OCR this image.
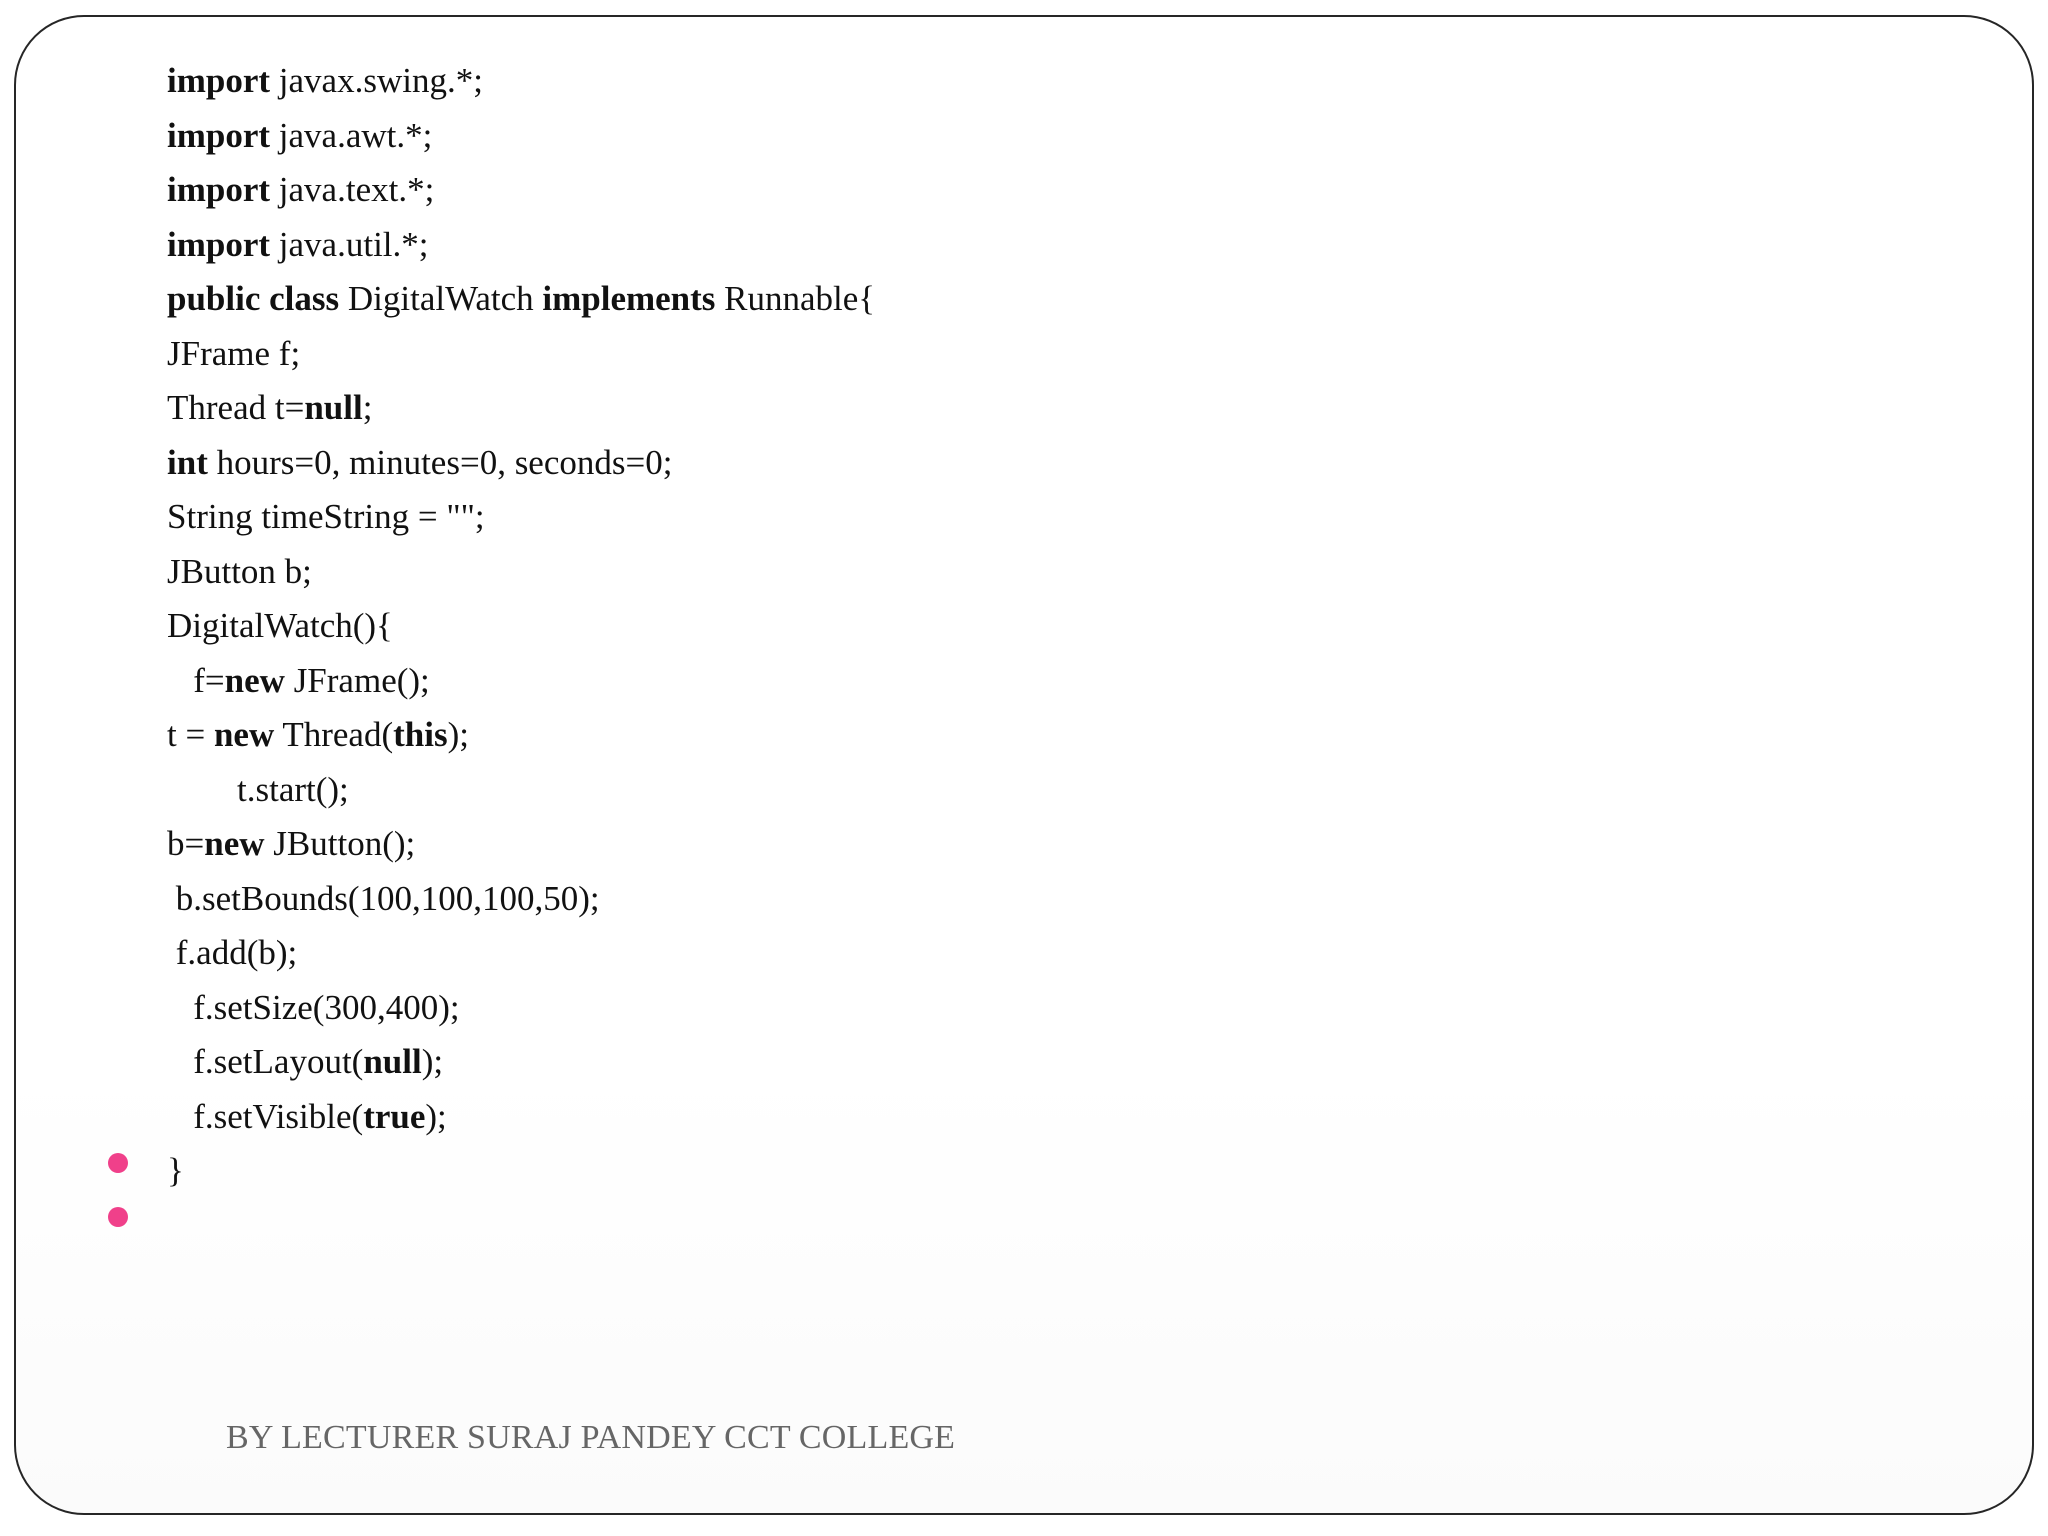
import javax.swing.*;
import java.awt.*;
import java.text.*;
import java.util.*;
public class DigitalWatch implements Runnable{
JFrame f;
Thread t=null;
int hours=0, minutes=0, seconds=0;
String timeString = "";
JButton b;
DigitalWatch(){
f=new JFrame();
t = new Thread(this);
t.start();
b=new JButton();
b.setBounds(100,100,100,50);
f.add(b);
f.setSize(300,400);
f.setLayout(null);
f.setVisible(true);
}
BY LECTURER SURAJ PANDEY CCT COLLEGE
